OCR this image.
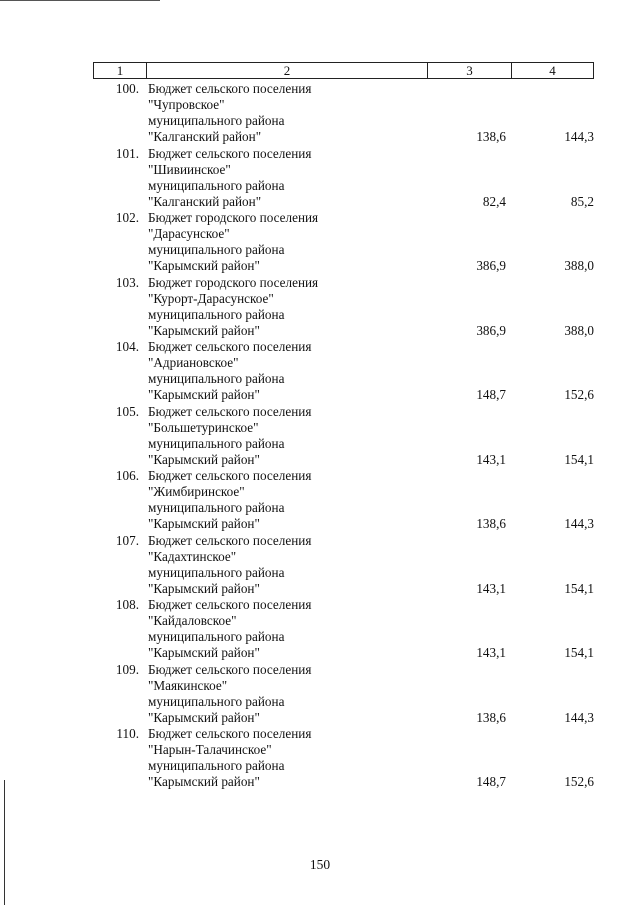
1	2	3	4
100. Бюджет сельского поселения
"Чупровское"
муниципального района
"Калганский район"	138,6	144,3
101. Бюджет сельского поселения
"Шивиинское"
муниципального района
"Калганский район"	82,4	85,2
102. Бюджет городского поселения
"Дарасунское"
муниципального района
"Карымский район"	386,9	388,0
103. Бюджет городского поселения
"Курорт-Дарасунское"
муниципального района
"Карымский район"	386,9	388,0
104. Бюджет сельского поселения
"Адриановское"
муниципального района
"Карымский район"	148,7	152,6
105. Бюджет сельского поселения
"Большетуринское"
муниципального района
"Карымский район"	143,1	154,1
106. Бюджет сельского поселения
"Жимбиринское"
муниципального района
"Карымский район"	138,6	144,3
107. Бюджет сельского поселения
"Кадахтинское"
муниципального района
"Карымский район"	143,1	154,1
108. Бюджет сельского поселения
"Кайдаловское"
муниципального района
"Карымский район"	143,1	154,1
109. Бюджет сельского поселения
"Маякинское"
муниципального района
"Карымский район"	138,6	144,3
110. Бюджет сельского поселения
"Нарын-Талачинское"
муниципального района
"Карымский район"	148,7	152,6
150
